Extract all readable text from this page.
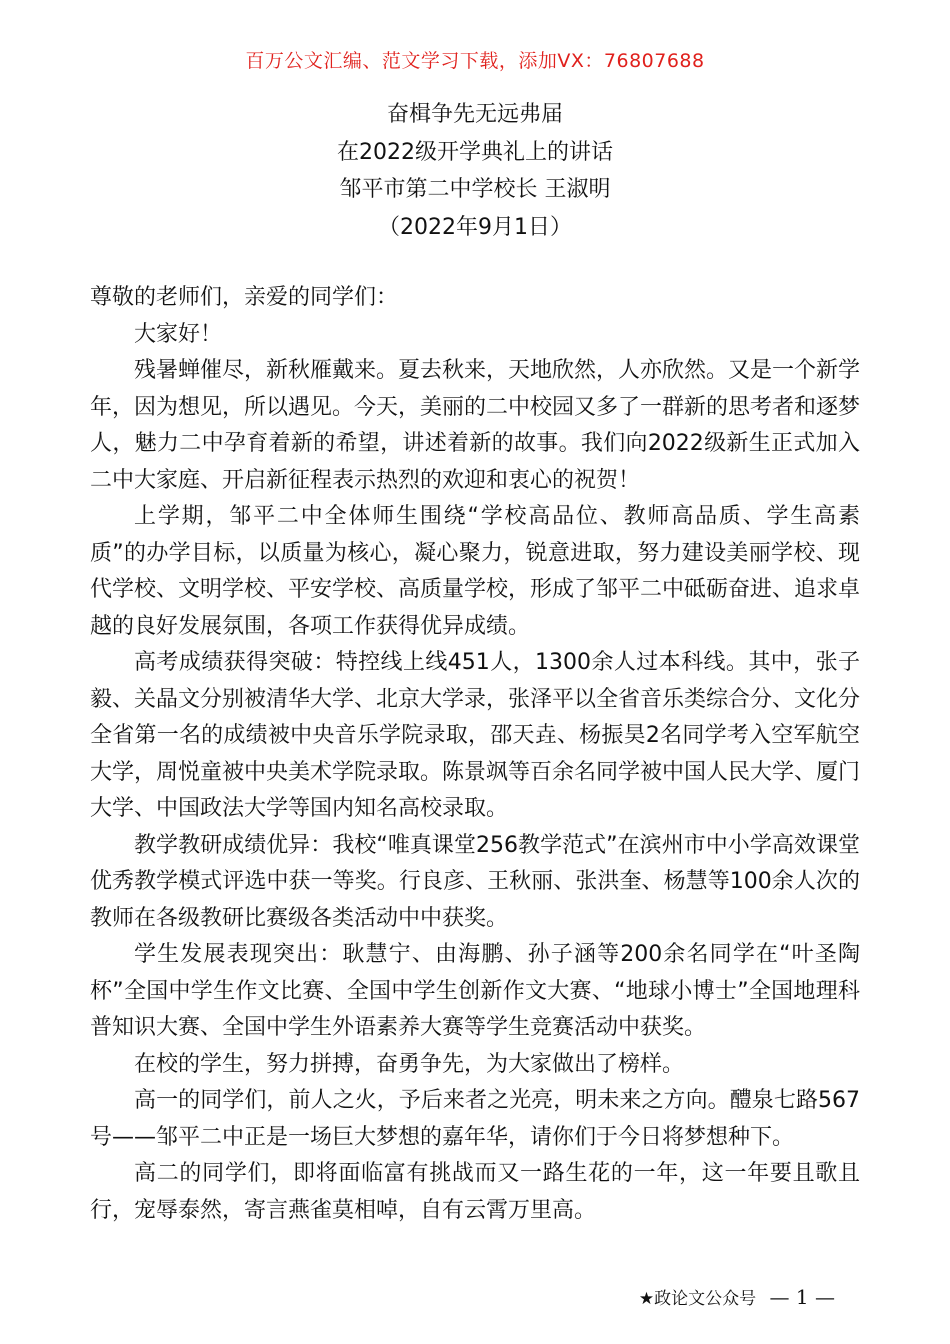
百万公文汇编、范文学习下载，添加VX：76807688
奋楫争先无远弗届
在2022级开学典礼上的讲话
邹平市第二中学校长 王淑明
（2022年9月1日）

尊敬的老师们，亲爱的同学们：

大家好！

残暑蝉催尽，新秋雁戴来。夏去秋来，天地欣然，人亦欣然。又是一个新学年，因为想见，所以遇见。今天，美丽的二中校园又多了一群新的思考者和逐梦人，魅力二中孕育着新的希望，讲述着新的故事。我们向2022级新生正式加入二中大家庭、开启新征程表示热烈的欢迎和衷心的祝贺！

上学期，邹平二中全体师生围绕“学校高品位、教师高品质、学生高素质”的办学目标，以质量为核心，凝心聚力，锐意进取，努力建设美丽学校、现代学校、文明学校、平安学校、高质量学校，形成了邹平二中砥砺奋进、追求卓越的良好发展氛围，各项工作获得优异成绩。

高考成绩获得突破：特控线上线451人，1300余人过本科线。其中，张子毅、关晶文分别被清华大学、北京大学录，张泽平以全省音乐类综合分、文化分全省第一名的成绩被中央音乐学院录取，邵天垚、杨振昊2名同学考入空军航空大学，周悦童被中央美术学院录取。陈景飒等百余名同学被中国人民大学、厦门大学、中国政法大学等国内知名高校录取。

教学教研成绩优异：我校“唯真课堂256教学范式”在滨州市中小学高效课堂优秀教学模式评选中获一等奖。行良彦、王秋丽、张洪奎、杨慧等100余人次的教师在各级教研比赛级各类活动中中获奖。

学生发展表现突出：耿慧宁、由海鹏、孙子涵等200余名同学在“叶圣陶杯”全国中学生作文比赛、全国中学生创新作文大赛、“地球小博士”全国地理科普知识大赛、全国中学生外语素养大赛等学生竞赛活动中获奖。

在校的学生，努力拼搏，奋勇争先，为大家做出了榜样。

高一的同学们，前人之火，予后来者之光亮，明未来之方向。醴泉七路567号——邹平二中正是一场巨大梦想的嘉年华，请你们于今日将梦想种下。

高二的同学们，即将面临富有挑战而又一路生花的一年，这一年要且歌且行，宠辱泰然，寄言燕雀莫相啅，自有云霄万里高。

★政论文公众号 — 1 —
